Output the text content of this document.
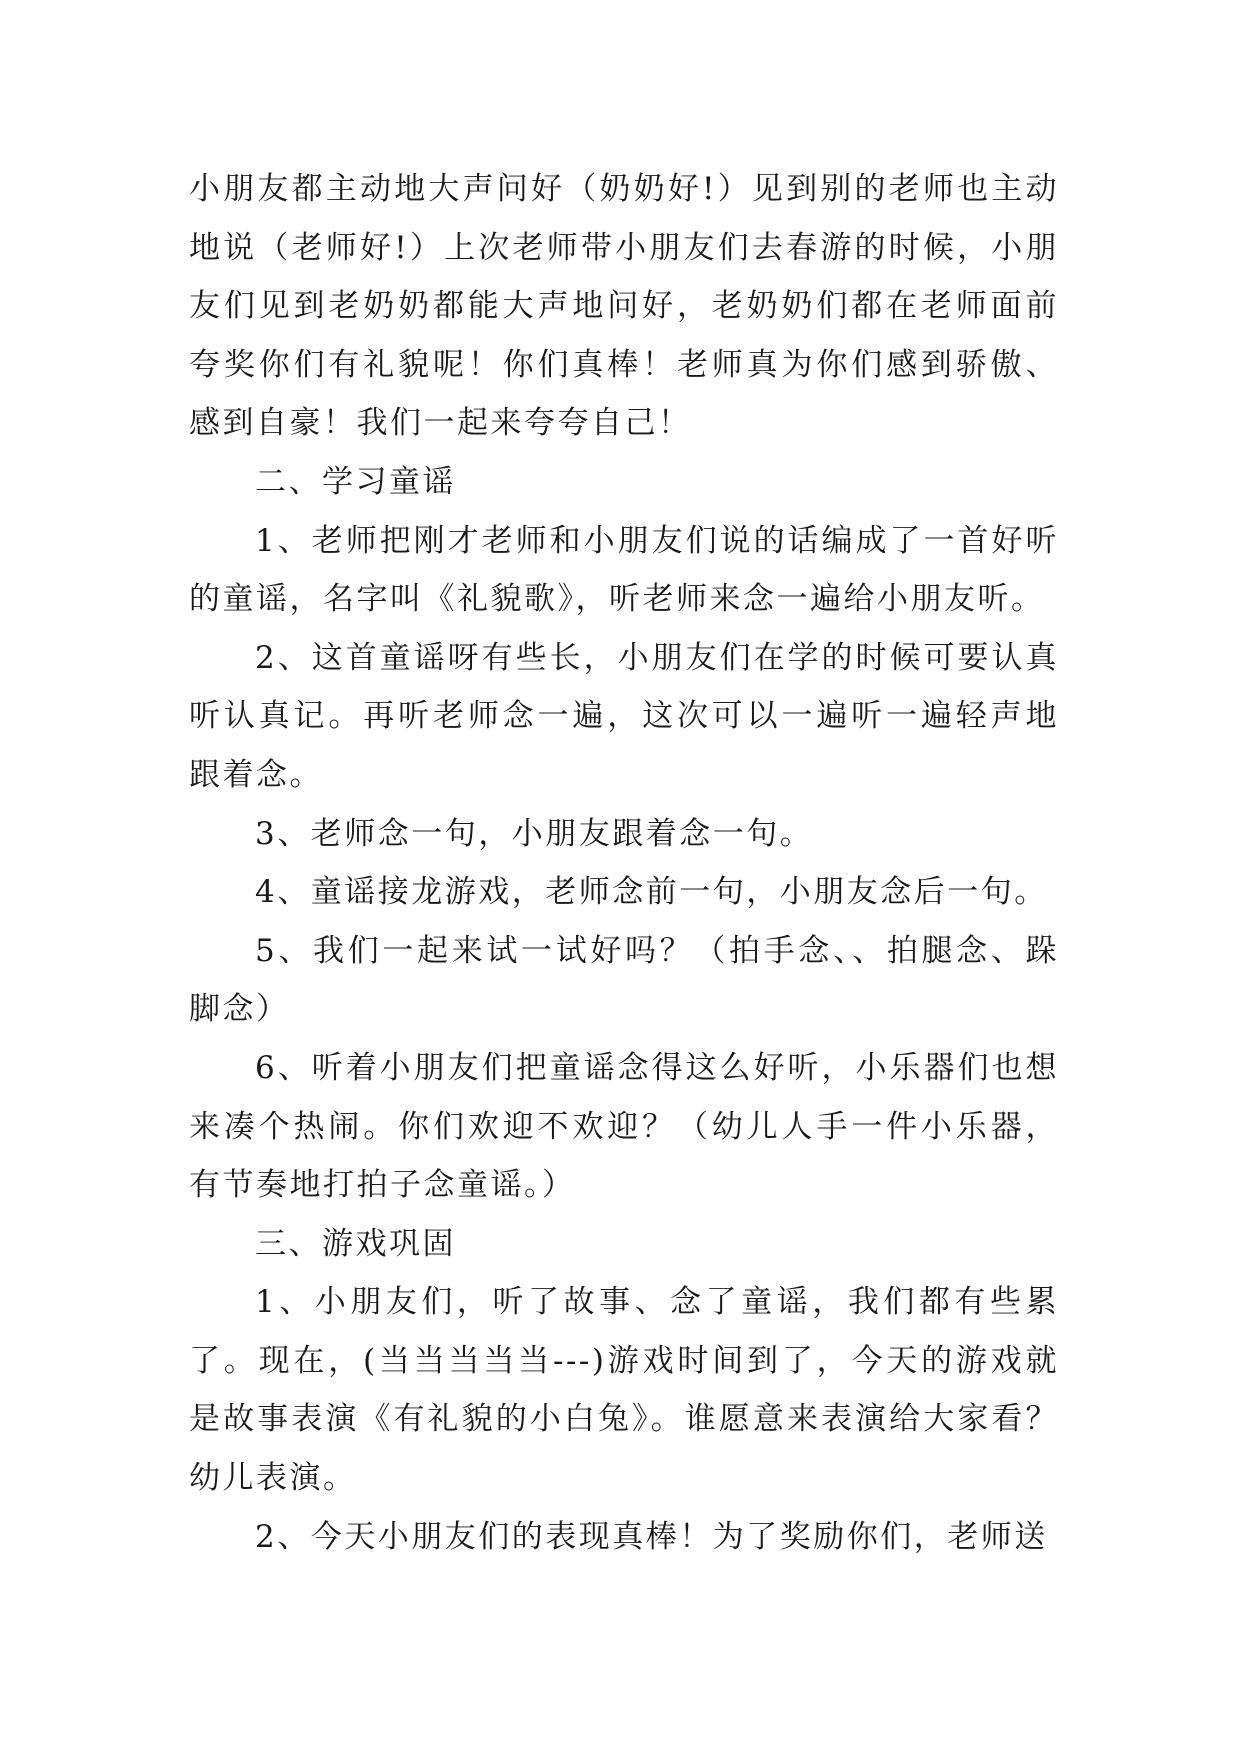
小朋友都主动地大声问好（奶奶好!）见到别的老师也主动地说（老师好!）上次老师带小朋友们去春游的时候，小朋友们见到老奶奶都能大声地问好，老奶奶们都在老师面前夸奖你们有礼貌呢！你们真棒！老师真为你们感到骄傲、感到自豪！我们一起来夸夸自己！

二、学习童谣

1、老师把刚才老师和小朋友们说的话编成了一首好听的童谣，名字叫《礼貌歌》，听老师来念一遍给小朋友听。

2、这首童谣呀有些长，小朋友们在学的时候可要认真听认真记。再听老师念一遍，这次可以一遍听一遍轻声地跟着念。

3、老师念一句，小朋友跟着念一句。

4、童谣接龙游戏，老师念前一句，小朋友念后一句。

5、我们一起来试一试好吗？（拍手念、、拍腿念、跺脚念）

6、听着小朋友们把童谣念得这么好听，小乐器们也想来凑个热闹。你们欢迎不欢迎？（幼儿人手一件小乐器，有节奏地打拍子念童谣。）

三、游戏巩固

1、小朋友们，听了故事、念了童谣，我们都有些累了。现在，(当当当当当---)游戏时间到了，今天的游戏就是故事表演《有礼貌的小白兔》。谁愿意来表演给大家看？幼儿表演。

2、今天小朋友们的表现真棒！为了奖励你们，老师送
